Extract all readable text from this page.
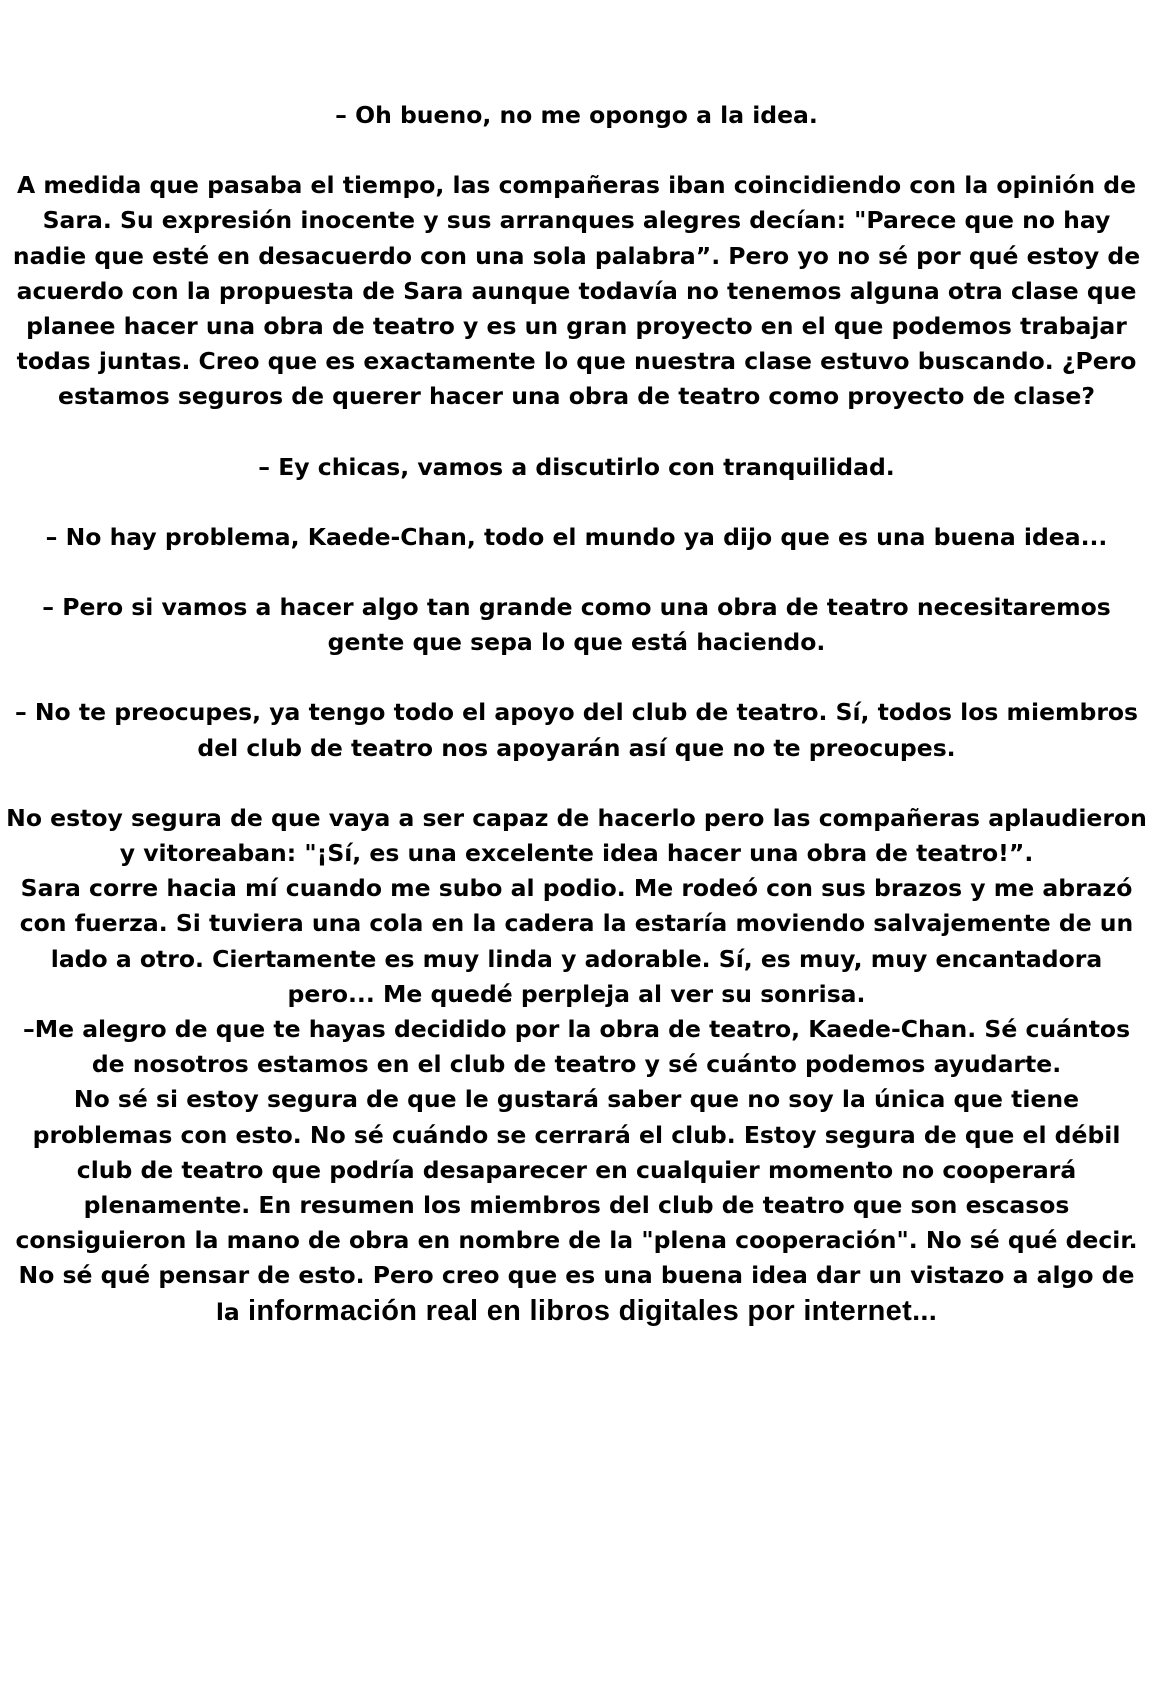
– Oh bueno, no me opongo a la idea.

A medida que pasaba el tiempo, las compañeras iban coincidiendo con la opinión de Sara. Su expresión inocente y sus arranques alegres decían: "Parece que no hay nadie que esté en desacuerdo con una sola palabra”. Pero yo no sé por qué estoy de acuerdo con la propuesta de Sara aunque todavía no tenemos alguna otra clase que planee hacer una obra de teatro y es un gran proyecto en el que podemos trabajar todas juntas. Creo que es exactamente lo que nuestra clase estuvo buscando. ¿Pero estamos seguros de querer hacer una obra de teatro como proyecto de clase?

– Ey chicas, vamos a discutirlo con tranquilidad.

– No hay problema, Kaede-Chan, todo el mundo ya dijo que es una buena idea...

– Pero si vamos a hacer algo tan grande como una obra de teatro necesitaremos gente que sepa lo que está haciendo.

– No te preocupes, ya tengo todo el apoyo del club de teatro. Sí, todos los miembros del club de teatro nos apoyarán así que no te preocupes.

No estoy segura de que vaya a ser capaz de hacerlo pero las compañeras aplaudieron y vitoreaban: "¡Sí, es una excelente idea hacer una obra de teatro!”.

Sara corre hacia mí cuando me subo al podio. Me rodeó con sus brazos y me abrazó con fuerza. Si tuviera una cola en la cadera la estaría moviendo salvajemente de un lado a otro. Ciertamente es muy linda y adorable. Sí, es muy, muy encantadora pero... Me quedé perpleja al ver su sonrisa.

–Me alegro de que te hayas decidido por la obra de teatro, Kaede-Chan. Sé cuántos de nosotros estamos en el club de teatro y sé cuánto podemos ayudarte.

No sé si estoy segura de que le gustará saber que no soy la única que tiene problemas con esto. No sé cuándo se cerrará el club. Estoy segura de que el débil club de teatro que podría desaparecer en cualquier momento no cooperará plenamente. En resumen los miembros del club de teatro que son escasos consiguieron la mano de obra en nombre de la "plena cooperación". No sé qué decir. No sé qué pensar de esto. Pero creo que es una buena idea dar un vistazo a algo de la información real en libros digitales por internet...
